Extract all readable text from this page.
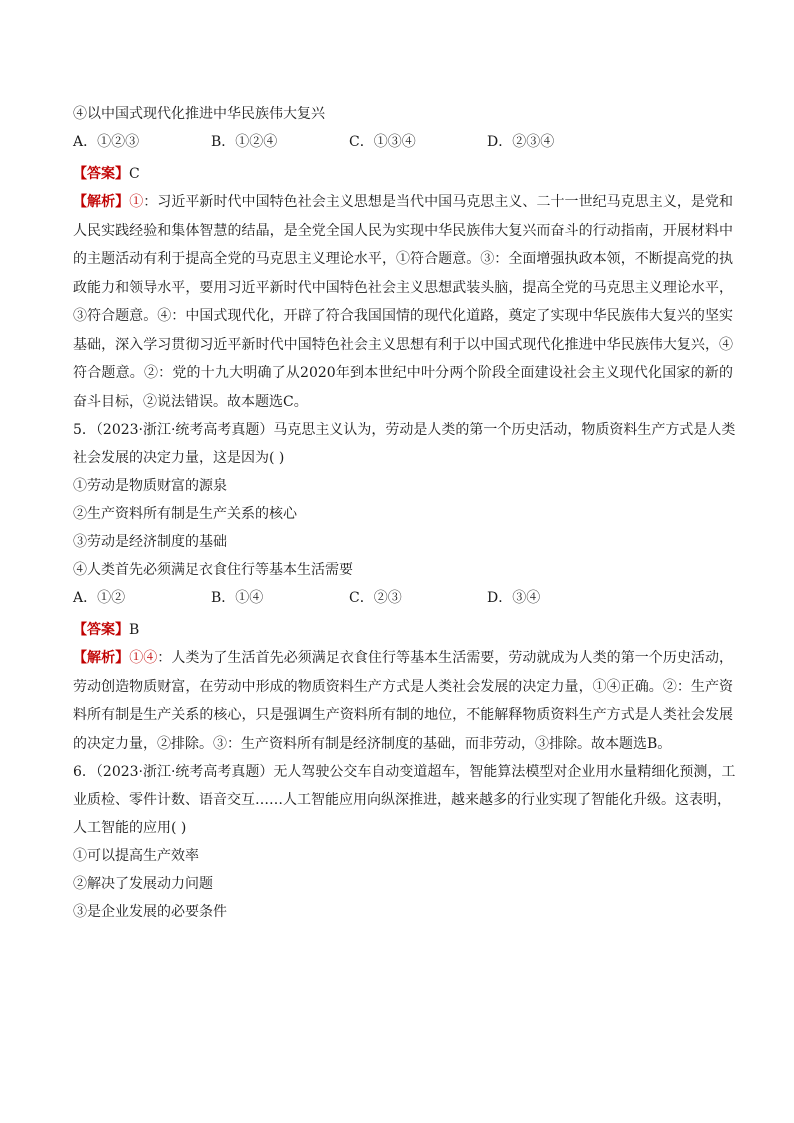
④以中国式现代化推进中华民族伟大复兴

A．①②③	B．①②④	C．①③④	D．②③④

【答案】C

【解析】①：习近平新时代中国特色社会主义思想是当代中国马克思主义、二十一世纪马克思主义，是党和人民实践经验和集体智慧的结晶，是全党全国人民为实现中华民族伟大复兴而奋斗的行动指南，开展材料中的主题活动有利于提高全党的马克思主义理论水平，①符合题意。③：全面增强执政本领，不断提高党的执政能力和领导水平，要用习近平新时代中国特色社会主义思想武装头脑，提高全党的马克思主义理论水平，③符合题意。④：中国式现代化，开辟了符合我国国情的现代化道路，奠定了实现中华民族伟大复兴的坚实基础，深入学习贯彻习近平新时代中国特色社会主义思想有利于以中国式现代化推进中华民族伟大复兴，④符合题意。②：党的十九大明确了从2020年到本世纪中叶分两个阶段全面建设社会主义现代化国家的新的奋斗目标，②说法错误。故本题选C。

5．（2023·浙江·统考高考真题）马克思主义认为，劳动是人类的第一个历史活动，物质资料生产方式是人类

社会发展的决定力量，这是因为( )

①劳动是物质财富的源泉

②生产资料所有制是生产关系的核心

③劳动是经济制度的基础

④人类首先必须满足衣食住行等基本生活需要

A．①②	B．①④	C．②③	D．③④

【答案】B

【解析】①④：人类为了生活首先必须满足衣食住行等基本生活需要，劳动就成为人类的第一个历史活动，劳动创造物质财富，在劳动中形成的物质资料生产方式是人类社会发展的决定力量，①④正确。②：生产资料所有制是生产关系的核心，只是强调生产资料所有制的地位，不能解释物质资料生产方式是人类社会发展的决定力量，②排除。③：生产资料所有制是经济制度的基础，而非劳动，③排除。故本题选B。

6．（2023·浙江·统考高考真题）无人驾驶公交车自动变道超车，智能算法模型对企业用水量精细化预测，工

业质检、零件计数、语音交互……人工智能应用向纵深推进，越来越多的行业实现了智能化升级。这表明，

人工智能的应用( )

①可以提高生产效率

②解决了发展动力问题

③是企业发展的必要条件
